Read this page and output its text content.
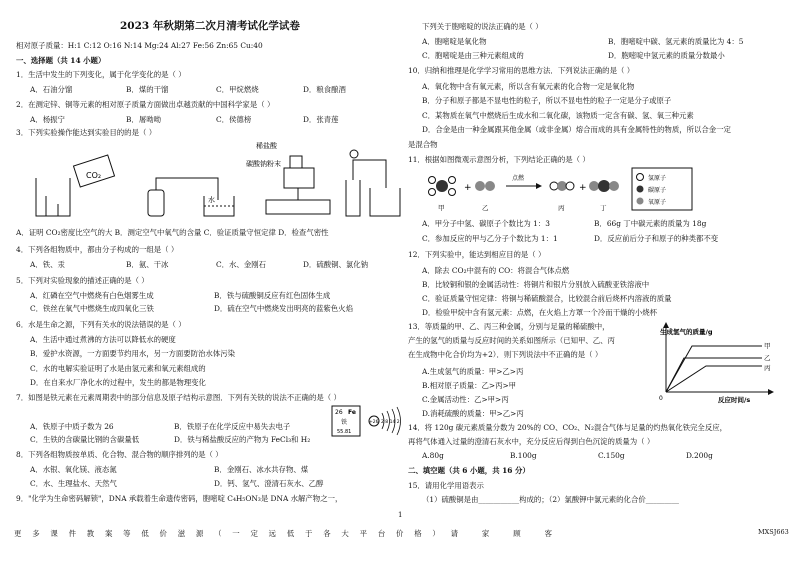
2023 年秋期第二次月清考试化学试卷
相对原子质量：H:1 C:12 O:16 N:14 Mg:24 Al:27 Fe:56 Zn:65 Cu:40
一、选择题（共 14 小题）
1．生活中发生的下列变化，属于化学变化的是（ ）
A．石油分馏	B．煤的干馏	C．甲烷燃烧	D．粮食酿酒
2．在测定锌、铜等元素的相对原子质量方面做出卓越贡献的中国科学家是（ ）
A．杨振宁	B．屠呦呦	C．侯德榜	D．张青莲
3．下列实验操作能达到实验目的的是（ ）
CO₂
水
稀盐酸
碳酸钠粉末
A．证明 CO₂密度比空气的大 B．测定空气中氧气的含量 C．验证质量守恒定律 D．检查气密性
4．下列各组物质中，都由分子构成的一组是（ ）
A．铁、汞	B．氨、干冰	C．水、金刚石	D．硫酸铜、氯化钠
5．下列对实验现象的描述正确的是（ ）
A．红磷在空气中燃烧有白色烟雾生成	B．铁与硫酸铜反应有红色固体生成
C．铁丝在氧气中燃烧生成四氧化三铁	D．硫在空气中燃烧发出明亮的蓝紫色火焰
6．水是生命之源，下列有关水的说法错误的是（ ）
A．生活中通过煮沸的方法可以降低水的硬度
B．爱护水资源，一方面要节约用水，另一方面要防治水体污染
C．水的电解实验证明了水是由氢元素和氧元素组成的
D．在自来水厂净化水的过程中，发生的都是物理变化
7．如图是铁元素在元素周期表中的部分信息及原子结构示意图．下列有关铁的说法不正确的是（ ）
26 Fe
铁
55.81
+26 2 8 14 2
A．铁原子中质子数为 26	B．铁原子在化学反应中易失去电子
C．生铁的含碳量比钢的含碳量低	D．铁与稀盐酸反应的产物为 FeCl₃和 H₂
8．下列各组物质按单质、化合物、混合物的顺序排列的是（ ）
A．水银、氧化镁、液态氮	B．金刚石、冰水共存物、煤
C．水、生理盐水、天然气	D．钙、氢气、澄清石灰水、乙醇
9．"化学为生命密码解锁"，DNA 承载着生命遗传密码，胞嘧啶 C₄H₅ON₃是 DNA 水解产物之一，
下列关于胞嘧啶的说法正确的是（ ）
A．胞嘧啶是氧化物	B．胞嘧啶中碳、氢元素的质量比为 4：5
C．胞嘧啶是由三种元素组成的	D．胞嘧啶中氢元素的质量分数最小
10．归纳和推理是化学学习常用的思维方法．下列说法正确的是（ ）
A．氧化物中含有氧元素，所以含有氧元素的化合物一定是氧化物
B．分子和原子都是不显电性的粒子，所以不显电性的粒子一定是分子或原子
C．某物质在氧气中燃烧后生成水和二氧化碳，该物质一定含有碳、氢、氧三种元素
D．合金是由一种金属跟其他金属（或非金属）熔合而成的具有金属特性的物质，所以合金一定
是混合物
11．根据如图微观示意图分析，下列结论正确的是（ ）
+
点燃
+
甲	乙	丙	丁
氢原子
碳原子
氧原子
A．甲分子中氢、碳原子个数比为 1：3	B．66g 丁中碳元素的质量为 18g
C．参加反应的甲与乙分子个数比为 1：1	D．反应前后分子和原子的种类都不变
12．下列实验中，能达到相应目的是（ ）
A．除去 CO₂中混有的 CO：将混合气体点燃
B．比较铜和银的金属活动性：将铜片和银片分别放入硫酸亚铁溶液中
C．验证质量守恒定律：将铜与稀硫酸混合，比较混合前后烧杯内溶液的质量
D．检验甲烷中含有氢元素：点燃，在火焰上方罩一个冷而干燥的小烧杯
13．等质量的甲、乙、丙三种金属，分别与足量的稀硫酸中，
产生的氢气的质量与反应时间的关系如图所示（已知甲、乙、丙
在生成物中化合价均为+2）．则下列说法中不正确的是（ ）
A.生成氢气的质量：甲>乙>丙
B.相对原子质量：乙>丙>甲
C.金属活动性：乙>甲>丙
D.消耗硫酸的质量：甲>乙>丙
生成氢气的质量/g
反应时间/s
0
甲
乙
丙
14．将 120g 碳元素质量分数为 20%的 CO、CO₂、N₂混合气体与足量的灼热氧化铁完全反应，
再将气体通入过量的澄清石灰水中，充分反应后得到白色沉淀的质量为（ ）
A.80g	B.100g	C.150g	D.200g
二、填空题（共 6 小题，共 16 分）
15．请用化学用语表示
（1）硫酸铜是由___________构成的；（2）氯酸钾中氯元素的化合价_________
1
更多课件教案等低价滋源（一定远低于各大平台价格）请 家 顾 客	MXSJ663
